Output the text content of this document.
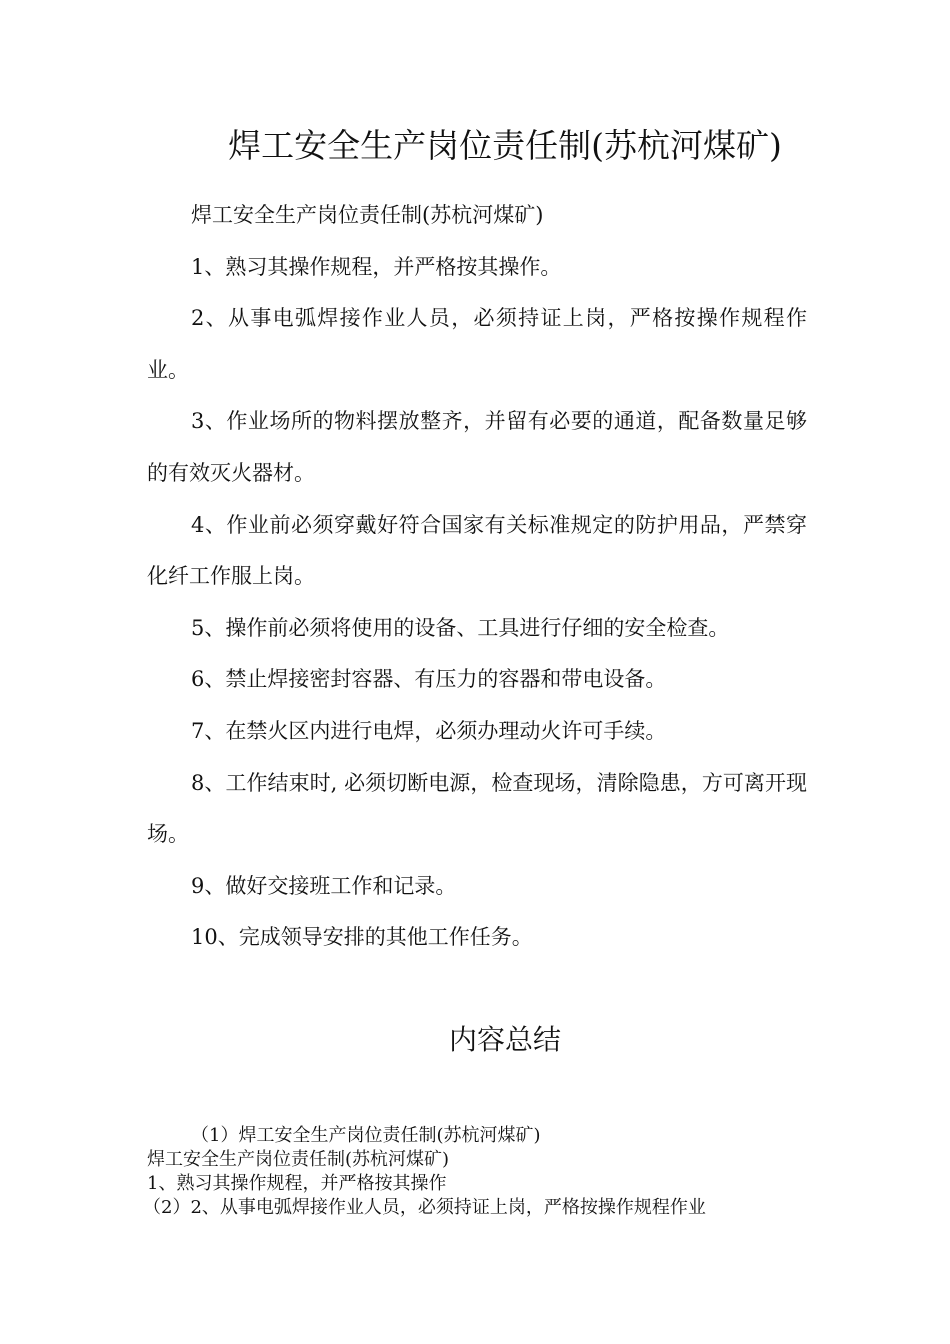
焊工安全生产岗位责任制(苏杭河煤矿)

焊工安全生产岗位责任制(苏杭河煤矿)

1、熟习其操作规程，并严格按其操作。

2、从事电弧焊接作业人员，必须持证上岗，严格按操作规程作业。

3、作业场所的物料摆放整齐，并留有必要的通道，配备数量足够的有效灭火器材。

4、作业前必须穿戴好符合国家有关标准规定的防护用品，严禁穿化纤工作服上岗。

5、操作前必须将使用的设备、工具进行仔细的安全检查。

6、禁止焊接密封容器、有压力的容器和带电设备。

7、在禁火区内进行电焊，必须办理动火许可手续。

8、工作结束时, 必须切断电源，检查现场，清除隐患，方可离开现场。

9、做好交接班工作和记录。

10、完成领导安排的其他工作任务。

内容总结
（1）焊工安全生产岗位责任制(苏杭河煤矿)
焊工安全生产岗位责任制(苏杭河煤矿)
1、熟习其操作规程，并严格按其操作
（2）2、从事电弧焊接作业人员，必须持证上岗，严格按操作规程作业
